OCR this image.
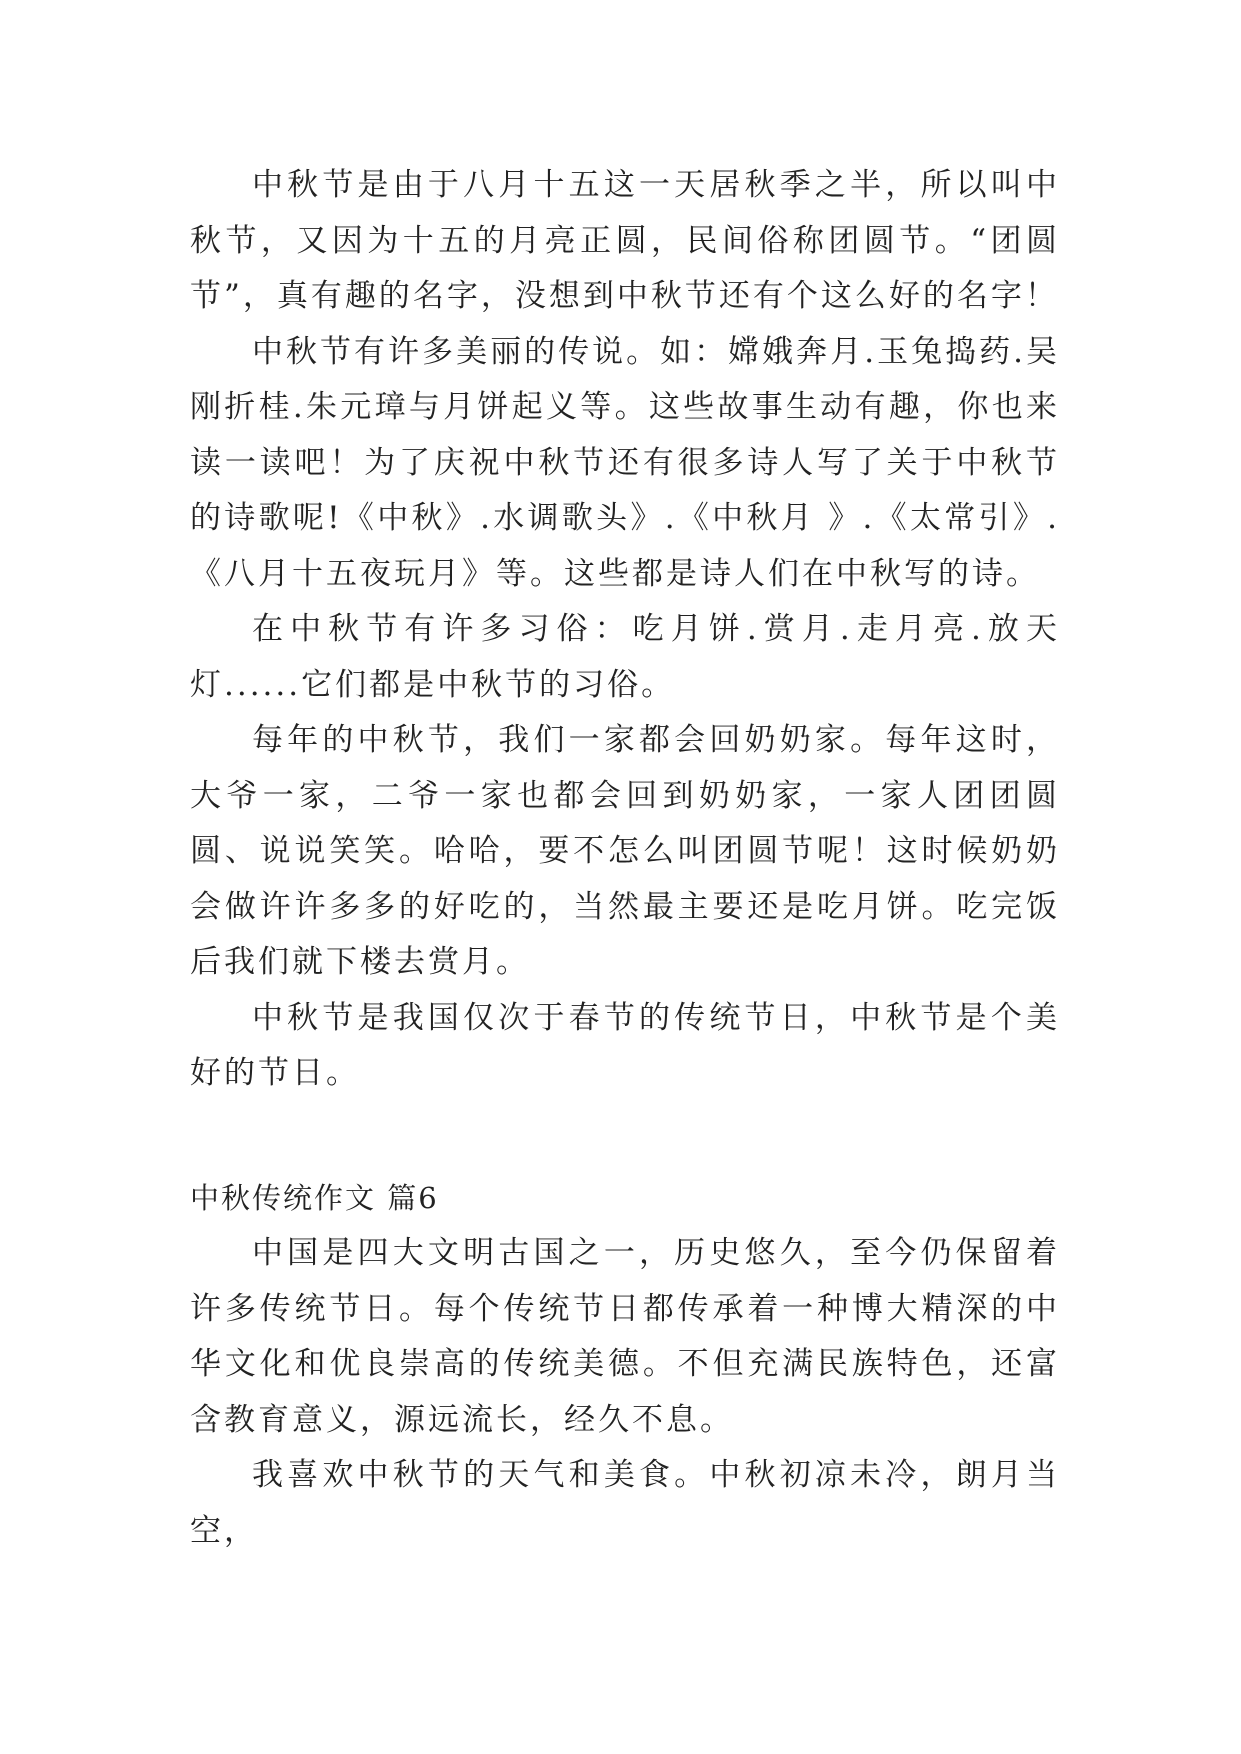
中秋节是由于八月十五这一天居秋季之半，所以叫中秋节，又因为十五的月亮正圆，民间俗称团圆节。“团圆节”，真有趣的名字，没想到中秋节还有个这么好的名字！

中秋节有许多美丽的传说。如：嫦娥奔月.玉兔捣药.吴刚折桂.朱元璋与月饼起义等。这些故事生动有趣，你也来读一读吧！为了庆祝中秋节还有很多诗人写了关于中秋节的诗歌呢!《中秋》.水调歌头》.《中秋月 》.《太常引》.《八月十五夜玩月》等。这些都是诗人们在中秋写的诗。

在中秋节有许多习俗：吃月饼.赏月.走月亮.放天灯......它们都是中秋节的习俗。

每年的中秋节，我们一家都会回奶奶家。每年这时，大爷一家，二爷一家也都会回到奶奶家，一家人团团圆圆、说说笑笑。哈哈，要不怎么叫团圆节呢！这时候奶奶会做许许多多的好吃的，当然最主要还是吃月饼。吃完饭后我们就下楼去赏月。

中秋节是我国仅次于春节的传统节日，中秋节是个美好的节日。

中秋传统作文 篇6

中国是四大文明古国之一，历史悠久，至今仍保留着许多传统节日。每个传统节日都传承着一种博大精深的中华文化和优良崇高的传统美德。不但充满民族特色，还富含教育意义，源远流长，经久不息。

我喜欢中秋节的天气和美食。中秋初凉未冷，朗月当空，
